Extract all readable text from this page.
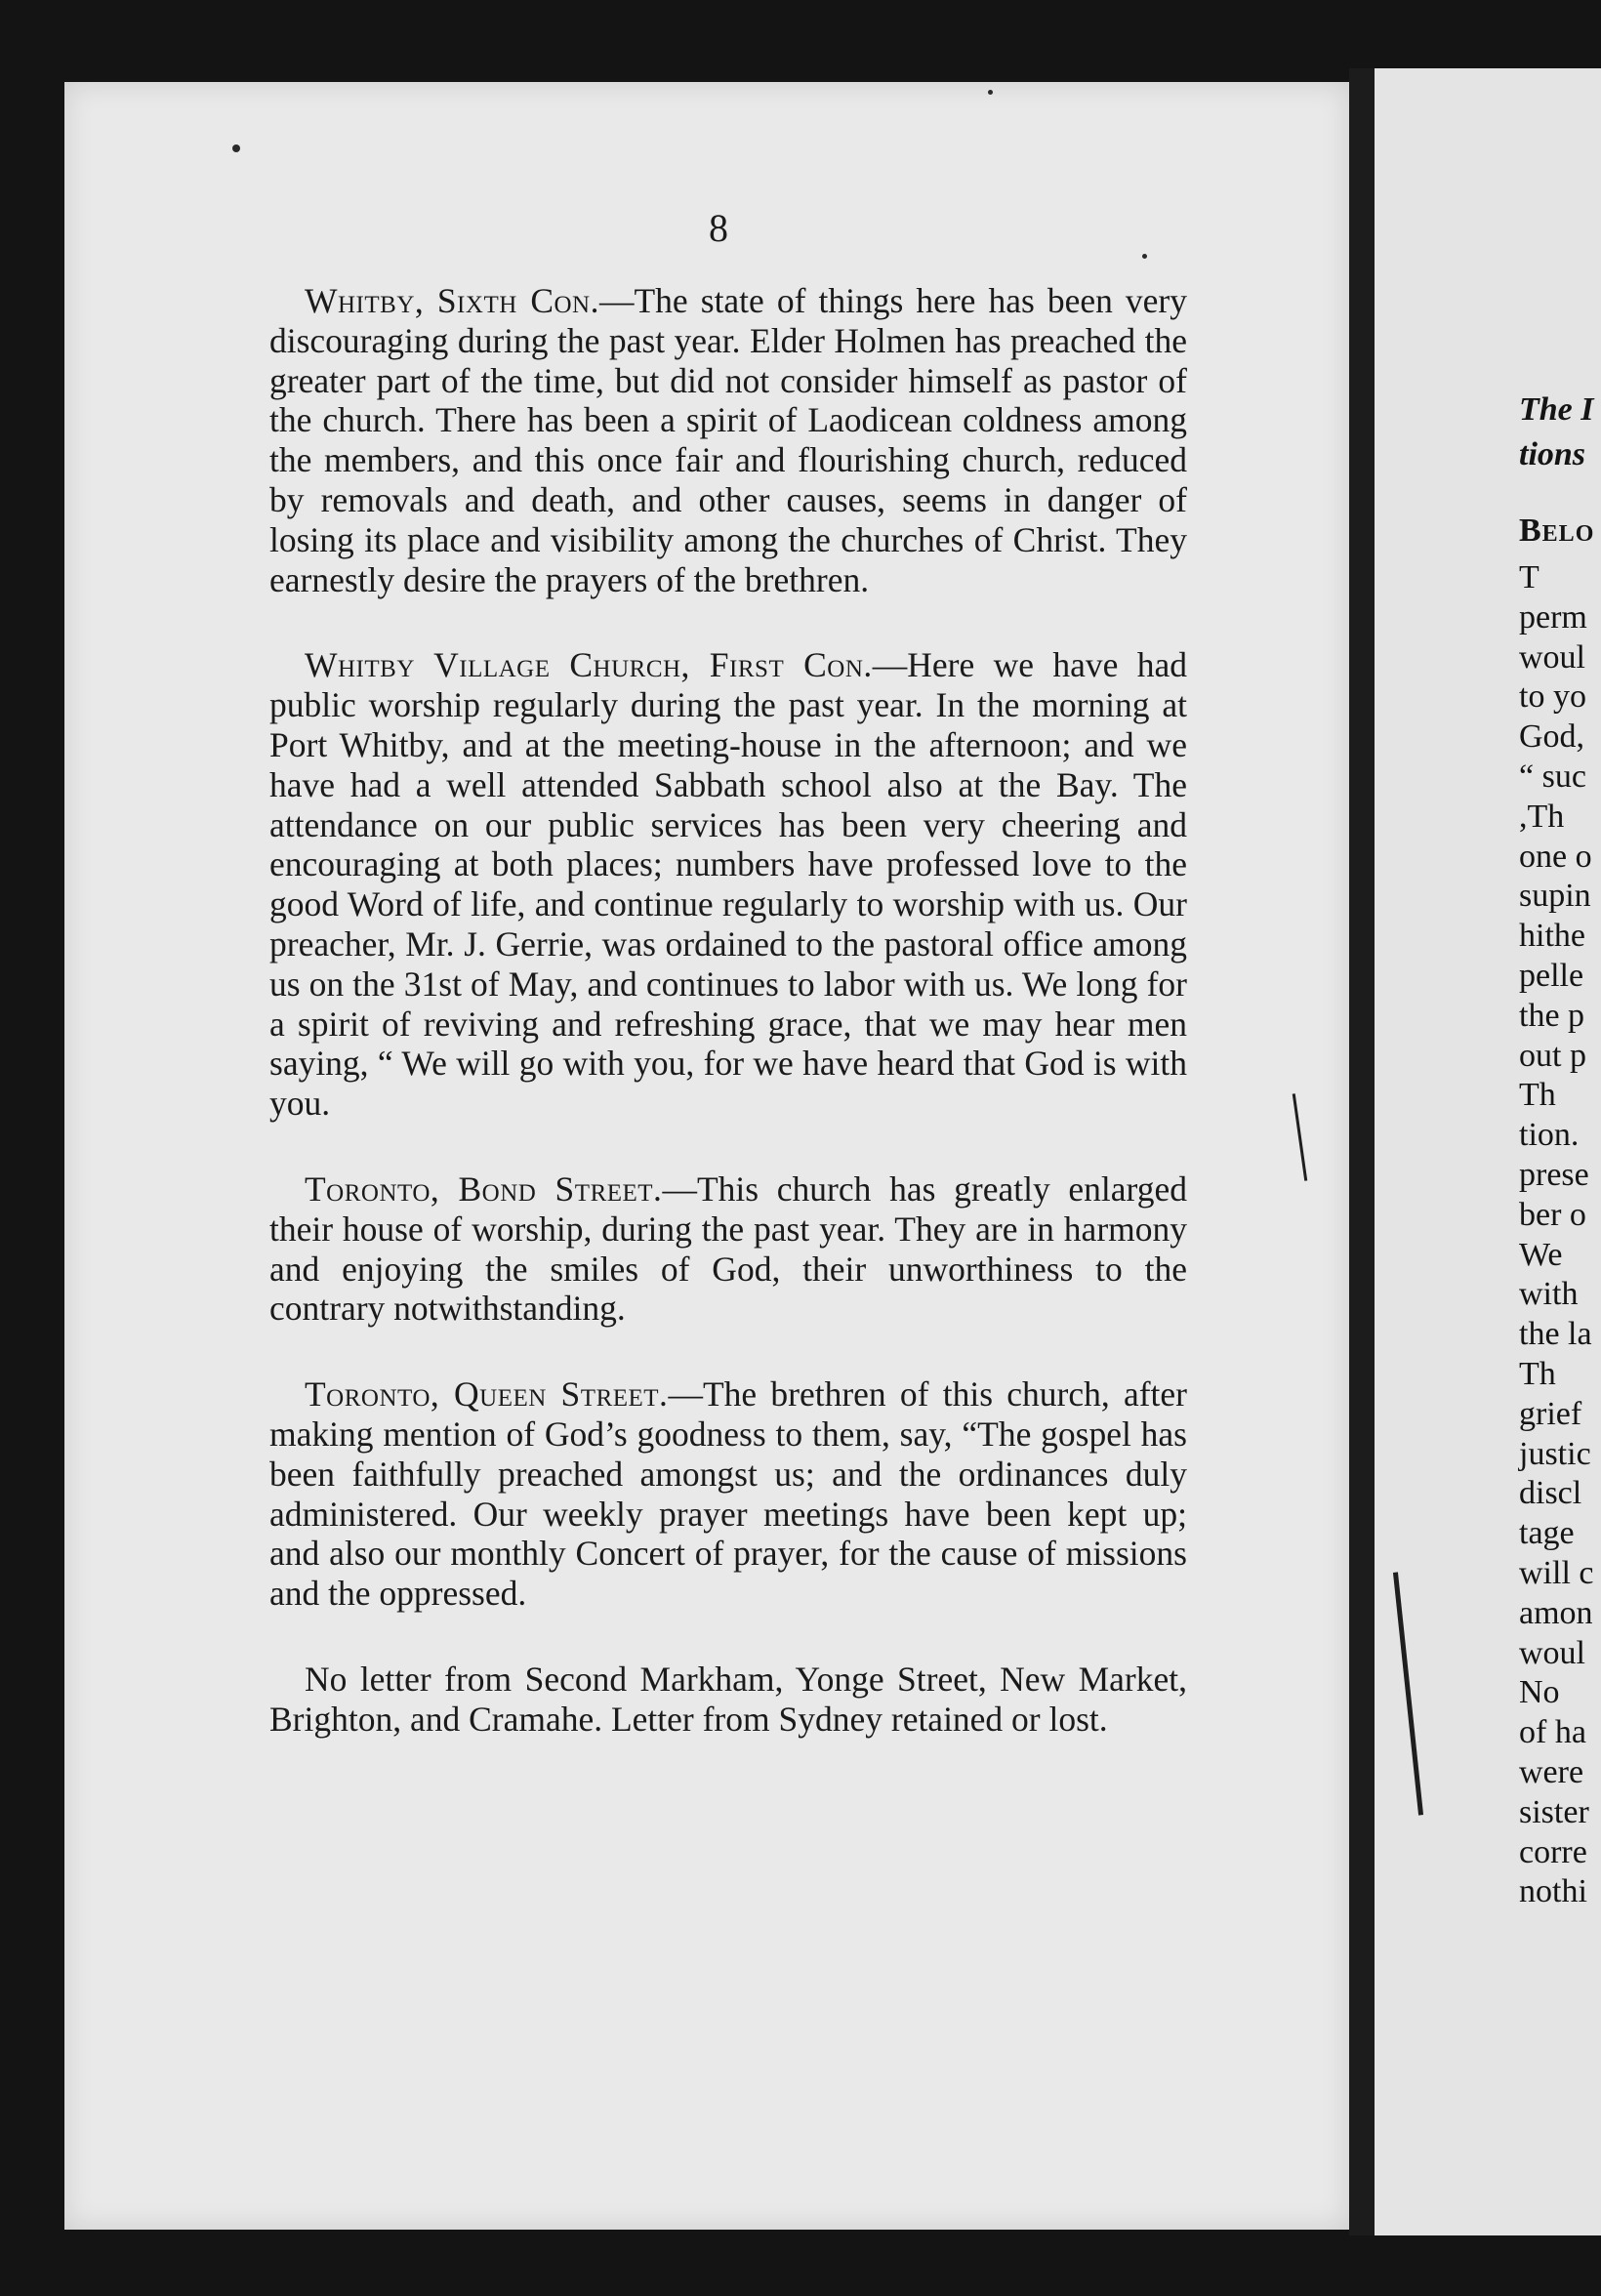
8

Whitby, Sixth Con.—The state of things here has been very discouraging during the past year. Elder Holmen has preached the greater part of the time, but did not consider himself as pastor of the church. There has been a spirit of Laodicean coldness among the members, and this once fair and flourishing church, reduced by removals and death, and other causes, seems in danger of losing its place and visibility among the churches of Christ. They earnestly desire the prayers of the brethren.

Whitby Village Church, First Con.—Here we have had public worship regularly during the past year. In the morning at Port Whitby, and at the meeting-house in the afternoon; and we have had a well attended Sabbath school also at the Bay. The attendance on our public services has been very cheering and encouraging at both places; numbers have professed love to the good Word of life, and continue regularly to worship with us. Our preacher, Mr. J. Gerrie, was ordained to the pastoral office among us on the 31st of May, and continues to labor with us. We long for a spirit of reviving and refreshing grace, that we may hear men saying, “ We will go with you, for we have heard that God is with you.

Toronto, Bond Street.—This church has greatly enlarged their house of worship, during the past year. They are in harmony and enjoying the smiles of God, their unworthiness to the contrary notwithstanding.

Toronto, Queen Street.—The brethren of this church, after making mention of God’s goodness to them, say, “The gospel has been faithfully preached amongst us; and the ordinances duly administered. Our weekly prayer meetings have been kept up; and also our monthly Concert of prayer, for the cause of missions and the oppressed.

No letter from Second Markham, Yonge Street, New Market, Brighton, and Cramahe. Letter from Sydney retained or lost.

The I
tions
Belo
T
perm
woul
to yo
God,
“ suc
,Th
one o
supin
hithe
pelle
the p
out p
Th
tion.
prese
ber o
We
with
the la
Th
grief
justic
discl
tage
will c
amon
woul
No
of ha
were
sister
corre
nothi
